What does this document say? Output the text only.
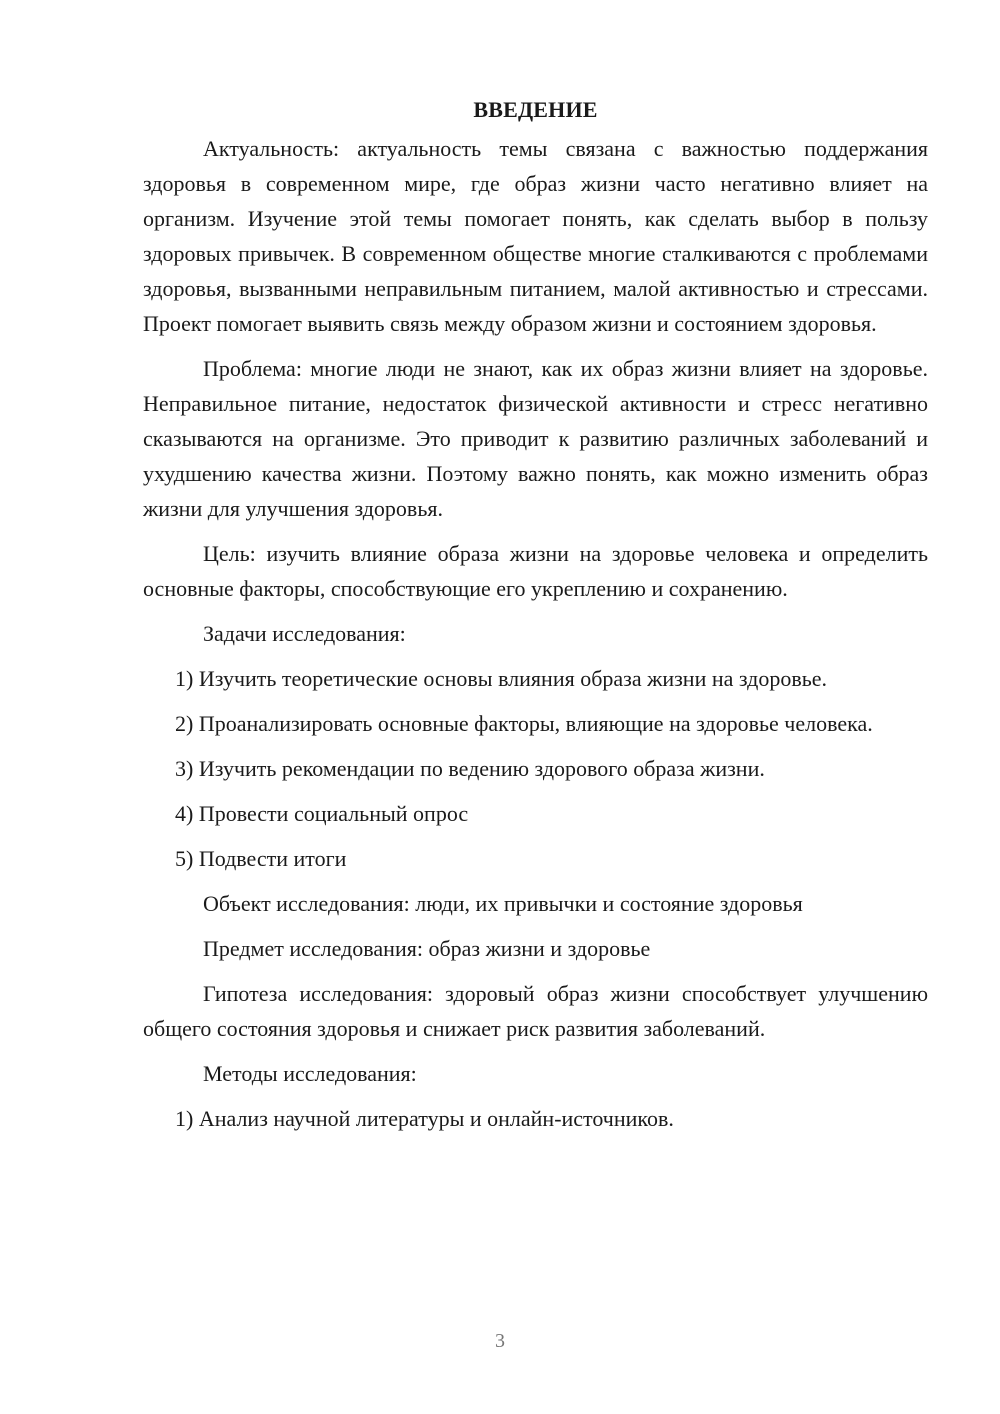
ВВЕДЕНИЕ

Актуальность: актуальность темы связана с важностью поддержания здоровья в современном мире, где образ жизни часто негативно влияет на организм. Изучение этой темы помогает понять, как сделать выбор в пользу здоровых привычек. В современном обществе многие сталкиваются с проблемами здоровья, вызванными неправильным питанием, малой активностью и стрессами. Проект помогает выявить связь между образом жизни и состоянием здоровья.

Проблема: многие люди не знают, как их образ жизни влияет на здоровье. Неправильное питание, недостаток физической активности и стресс негативно сказываются на организме. Это приводит к развитию различных заболеваний и ухудшению качества жизни. Поэтому важно понять, как можно изменить образ жизни для улучшения здоровья.

Цель: изучить влияние образа жизни на здоровье человека и определить основные факторы, способствующие его укреплению и сохранению.

Задачи исследования:

1) Изучить теоретические основы влияния образа жизни на здоровье.

2) Проанализировать основные факторы, влияющие на здоровье человека.

3) Изучить рекомендации по ведению здорового образа жизни.

4) Провести социальный опрос

5) Подвести итоги

Объект исследования: люди, их привычки и состояние здоровья
Предмет исследования: образ жизни и здоровье

Гипотеза исследования: здоровый образ жизни способствует улучшению общего состояния здоровья и снижает риск развития заболеваний.

Методы исследования:

1) Анализ научной литературы и онлайн-источников.

3
